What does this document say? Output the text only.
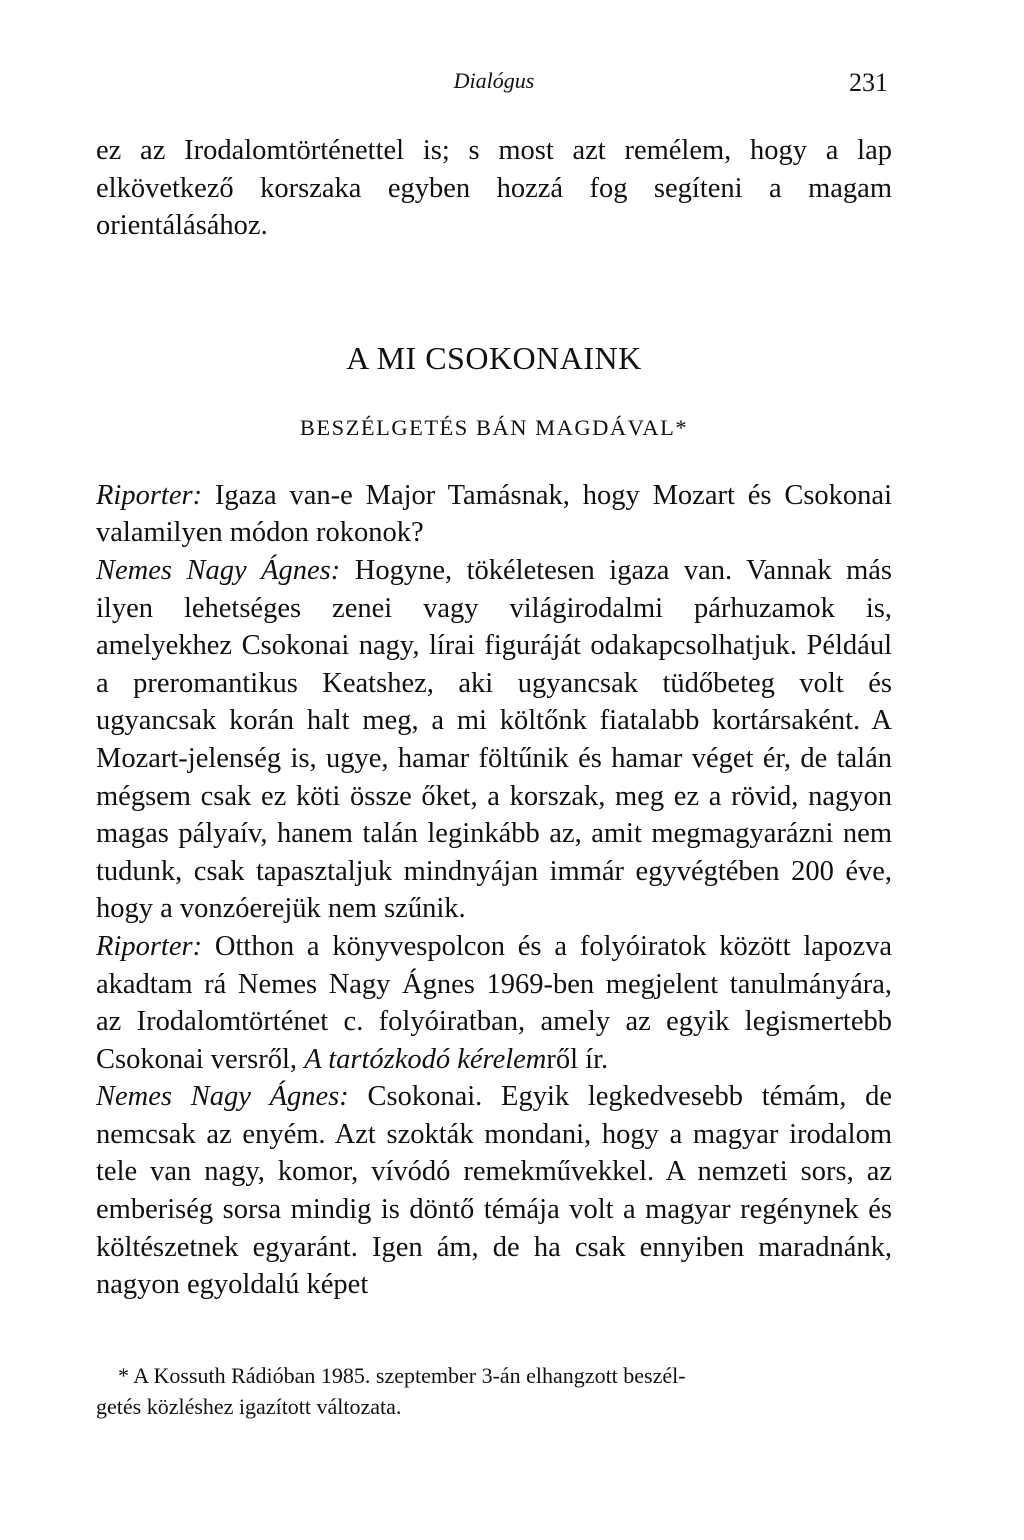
Dialógus	231

ez az Irodalomtörténettel is; s most azt remélem, hogy a lap elkövetkező korszaka egyben hozzá fog segíteni a magam orientálásához.

A MI CSOKONAINK
BESZÉLGETÉS BÁN MAGDÁVAL*

Riporter: Igaza van-e Major Tamásnak, hogy Mozart és Csokonai valamilyen módon rokonok?

Nemes Nagy Ágnes: Hogyne, tökéletesen igaza van. Vannak más ilyen lehetséges zenei vagy világirodalmi párhuzamok is, amelyekhez Csokonai nagy, lírai figuráját odakapcsolhatjuk. Például a preromantikus Keatshez, aki ugyancsak tüdőbeteg volt és ugyancsak korán halt meg, a mi költőnk fiatalabb kortársaként. A Mozart-jelenség is, ugye, hamar föltűnik és hamar véget ér, de talán mégsem csak ez köti össze őket, a korszak, meg ez a rövid, nagyon magas pályaív, hanem talán leginkább az, amit megmagyarázni nem tudunk, csak tapasztaljuk mindnyájan immár egyvégtében 200 éve, hogy a vonzóerejük nem szűnik.

Riporter: Otthon a könyvespolcon és a folyóiratok között lapozva akadtam rá Nemes Nagy Ágnes 1969-ben megjelent tanulmányára, az Irodalomtörténet c. folyóiratban, amely az egyik legismertebb Csokonai versről, A tartózkodó kérelemről ír.

Nemes Nagy Ágnes: Csokonai. Egyik legkedvesebb témám, de nemcsak az enyém. Azt szokták mondani, hogy a magyar irodalom tele van nagy, komor, vívódó remekművekkel. A nemzeti sors, az emberiség sorsa mindig is döntő témája volt a magyar regénynek és költészetnek egyaránt. Igen ám, de ha csak ennyiben maradnánk, nagyon egyoldalú képet

* A Kossuth Rádióban 1985. szeptember 3-án elhangzott beszél-
getés közléshez igazított változata.
